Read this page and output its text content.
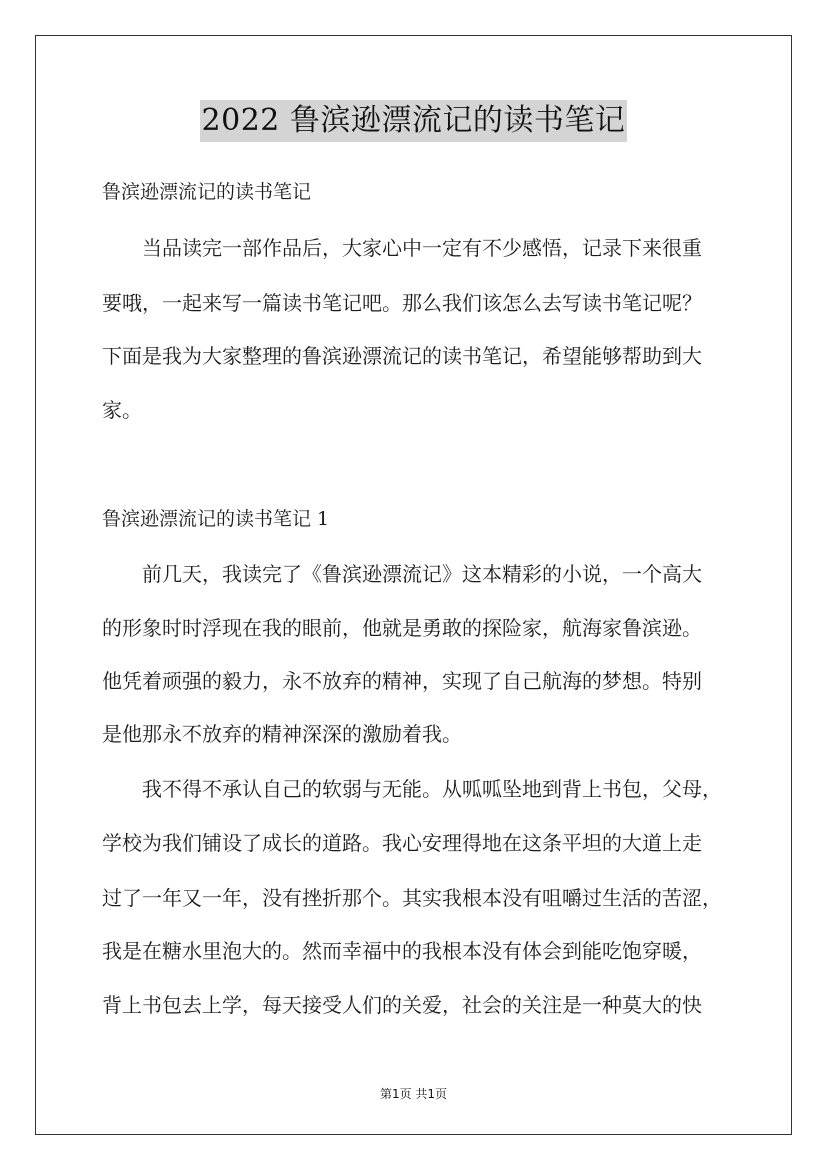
2022 鲁滨逊漂流记的读书笔记
鲁滨逊漂流记的读书笔记
当品读完一部作品后，大家心中一定有不少感悟，记录下来很重
要哦，一起来写一篇读书笔记吧。那么我们该怎么去写读书笔记呢？
下面是我为大家整理的鲁滨逊漂流记的读书笔记，希望能够帮助到大
家。
鲁滨逊漂流记的读书笔记 1
前几天，我读完了《鲁滨逊漂流记》这本精彩的小说，一个高大
的形象时时浮现在我的眼前，他就是勇敢的探险家，航海家鲁滨逊。
他凭着顽强的毅力，永不放弃的精神，实现了自己航海的梦想。特别
是他那永不放弃的精神深深的激励着我。
我不得不承认自己的软弱与无能。从呱呱坠地到背上书包，父母，
学校为我们铺设了成长的道路。我心安理得地在这条平坦的大道上走
过了一年又一年，没有挫折那个。其实我根本没有咀嚼过生活的苦涩，
我是在糖水里泡大的。然而幸福中的我根本没有体会到能吃饱穿暖，
背上书包去上学，每天接受人们的关爱，社会的关注是一种莫大的快
第1页 共1页
